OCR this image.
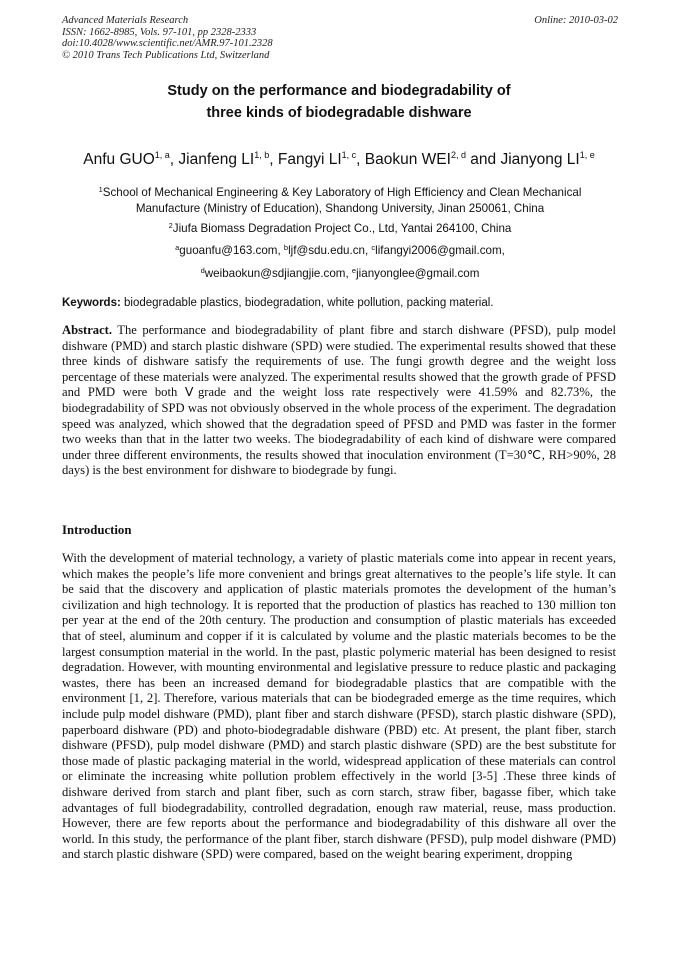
Advanced Materials Research
ISSN: 1662-8985, Vols. 97-101, pp 2328-2333
doi:10.4028/www.scientific.net/AMR.97-101.2328
© 2010 Trans Tech Publications Ltd, Switzerland
Online: 2010-03-02
Study on the performance and biodegradability of
three kinds of biodegradable dishware
Anfu GUO$^{1, a}$, Jianfeng LI$^{1, b}$, Fangyi LI$^{1, c}$, Baokun WEI$^{2, d}$ and Jianyong LI$^{1, e}$
$^1$School of Mechanical Engineering & Key Laboratory of High Efficiency and Clean Mechanical
Manufacture (Ministry of Education), Shandong University, Jinan 250061, China
$^2$Jiufa Biomass Degradation Project Co., Ltd, Yantai 264100, China
$^a$guoanfu@163.com, $^b$ljf@sdu.edu.cn, $^c$lifangyi2006@gmail.com,
$^d$weibaokun@sdjiangjie.com, $^e$jianyonglee@gmail.com
Keywords: biodegradable plastics, biodegradation, white pollution, packing material.
Abstract. The performance and biodegradability of plant fibre and starch dishware (PFSD), pulp model dishware (PMD) and starch plastic dishware (SPD) were studied. The experimental results showed that these three kinds of dishware satisfy the requirements of use. The fungi growth degree and the weight loss percentage of these materials were analyzed. The experimental results showed that the growth grade of PFSD and PMD were both Ⅴgrade and the weight loss rate respectively were 41.59% and 82.73%, the biodegradability of SPD was not obviously observed in the whole process of the experiment. The degradation speed was analyzed, which showed that the degradation speed of PFSD and PMD was faster in the former two weeks than that in the latter two weeks. The biodegradability of each kind of dishware were compared under three different environments, the results showed that inoculation environment (T=30℃, RH>90%, 28 days) is the best environment for dishware to biodegrade by fungi.
Introduction
With the development of material technology, a variety of plastic materials come into appear in recent years, which makes the people’s life more convenient and brings great alternatives to the people’s life style. It can be said that the discovery and application of plastic materials promotes the development of the human’s civilization and high technology. It is reported that the production of plastics has reached to 130 million ton per year at the end of the 20th century. The production and consumption of plastic materials has exceeded that of steel, aluminum and copper if it is calculated by volume and the plastic materials becomes to be the largest consumption material in the world. In the past, plastic polymeric material has been designed to resist degradation. However, with mounting environmental and legislative pressure to reduce plastic and packaging wastes, there has been an increased demand for biodegradable plastics that are compatible with the environment [1, 2]. Therefore, various materials that can be biodegraded emerge as the time requires, which include pulp model dishware (PMD), plant fiber and starch dishware (PFSD), starch plastic dishware (SPD), paperboard dishware (PD) and photo-biodegradable dishware (PBD) etc. At present, the plant fiber, starch dishware (PFSD), pulp model dishware (PMD) and starch plastic dishware (SPD) are the best substitute for those made of plastic packaging material in the world, widespread application of these materials can control or eliminate the increasing white pollution problem effectively in the world [3-5] .These three kinds of dishware derived from starch and plant fiber, such as corn starch, straw fiber, bagasse fiber, which take advantages of full biodegradability, controlled degradation, enough raw material, reuse, mass production. However, there are few reports about the performance and biodegradability of this dishware all over the world. In this study, the performance of the plant fiber, starch dishware (PFSD), pulp model dishware (PMD) and starch plastic dishware (SPD) were compared, based on the weight bearing experiment, dropping
